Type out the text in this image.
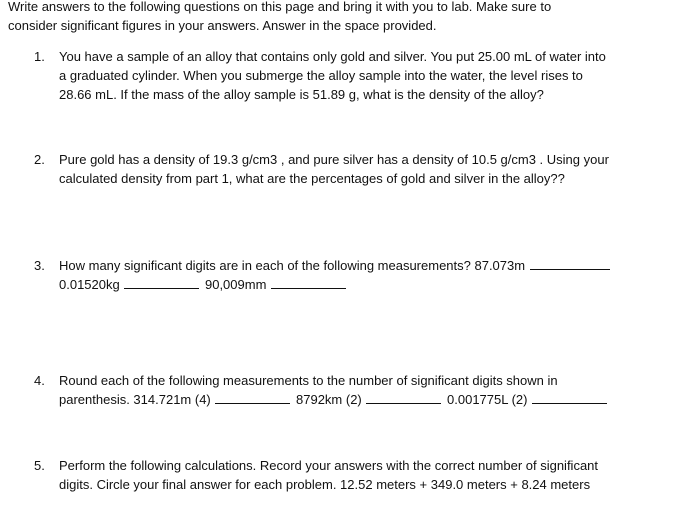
Write answers to the following questions on this page and bring it with you to lab. Make sure to
consider significant figures in your answers. Answer in the space provided.
1.	You have a sample of an alloy that contains only gold and silver. You put 25.00 mL of water into
a graduated cylinder. When you submerge the alloy sample into the water, the level rises to
28.66 mL. If the mass of the alloy sample is 51.89 g, what is the density of the alloy?
2.	Pure gold has a density of 19.3 g/cm3 , and pure silver has a density of 10.5 g/cm3 . Using your
calculated density from part 1, what are the percentages of gold and silver in the alloy??
3.	How many significant digits are in each of the following measurements? 87.073m
0.01520kg	90,009mm
4.	Round each of the following measurements to the number of significant digits shown in
parenthesis. 314.721m (4)	8792km (2)	0.001775L (2)
5.	Perform the following calculations. Record your answers with the correct number of significant
digits. Circle your final answer for each problem. 12.52 meters + 349.0 meters + 8.24 meters
